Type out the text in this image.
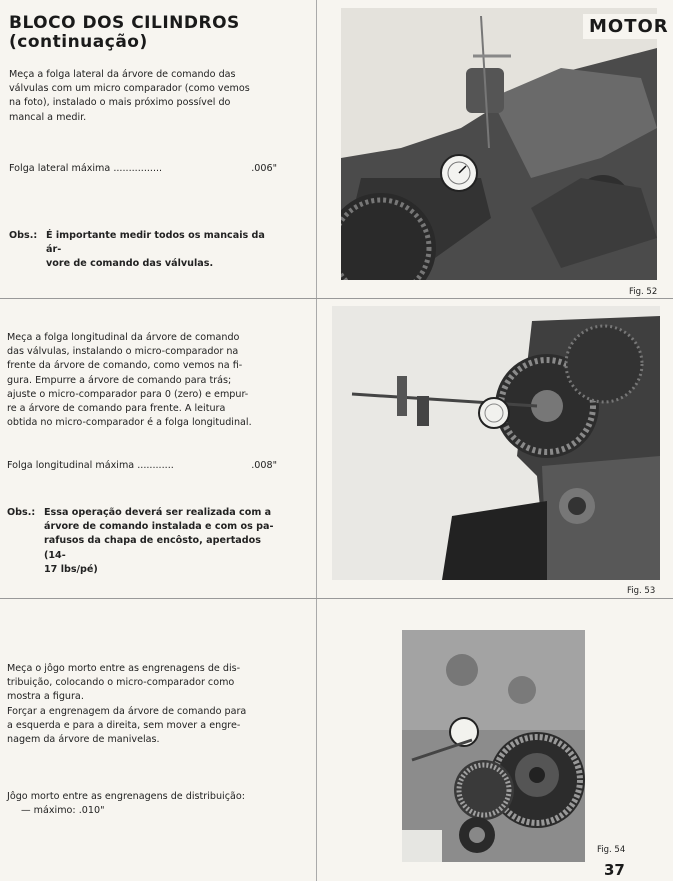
BLOCO DOS CILINDROS
(continuação)
MOTOR
Meça a folga lateral da árvore de comando das
válvulas com um micro comparador (como vemos
na foto), instalado o mais próximo possível do
mancal a medir.
Folga lateral máxima ................	.006"
Obs.: É importante medir todos os mancais da ár-
vore de comando das válvulas.
Fig. 52
Meça a folga longitudinal da árvore de comando
das válvulas, instalando o micro-comparador na
frente da árvore de comando, como vemos na fi-
gura. Empurre a árvore de comando para trás;
ajuste o micro-comparador para 0 (zero) e empur-
re a árvore de comando para frente. A leitura
obtida no micro-comparador é a folga longitudinal.
Folga longitudinal máxima ............	.008"
Obs.: Essa operação deverá ser realizada com a
árvore de comando instalada e com os pa-
rafusos da chapa de encôsto, apertados (14-
17 lbs/pé)
Fig. 53
Meça o jôgo morto entre as engrenagens de dis-
tribuição, colocando o micro-comparador como
mostra a figura.
Forçar a engrenagem da árvore de comando para
a esquerda e para a direita, sem mover a engre-
nagem da árvore de manivelas.
Jôgo morto entre as engrenagens de distribuição:
— máximo: .010"
Fig. 54
37
